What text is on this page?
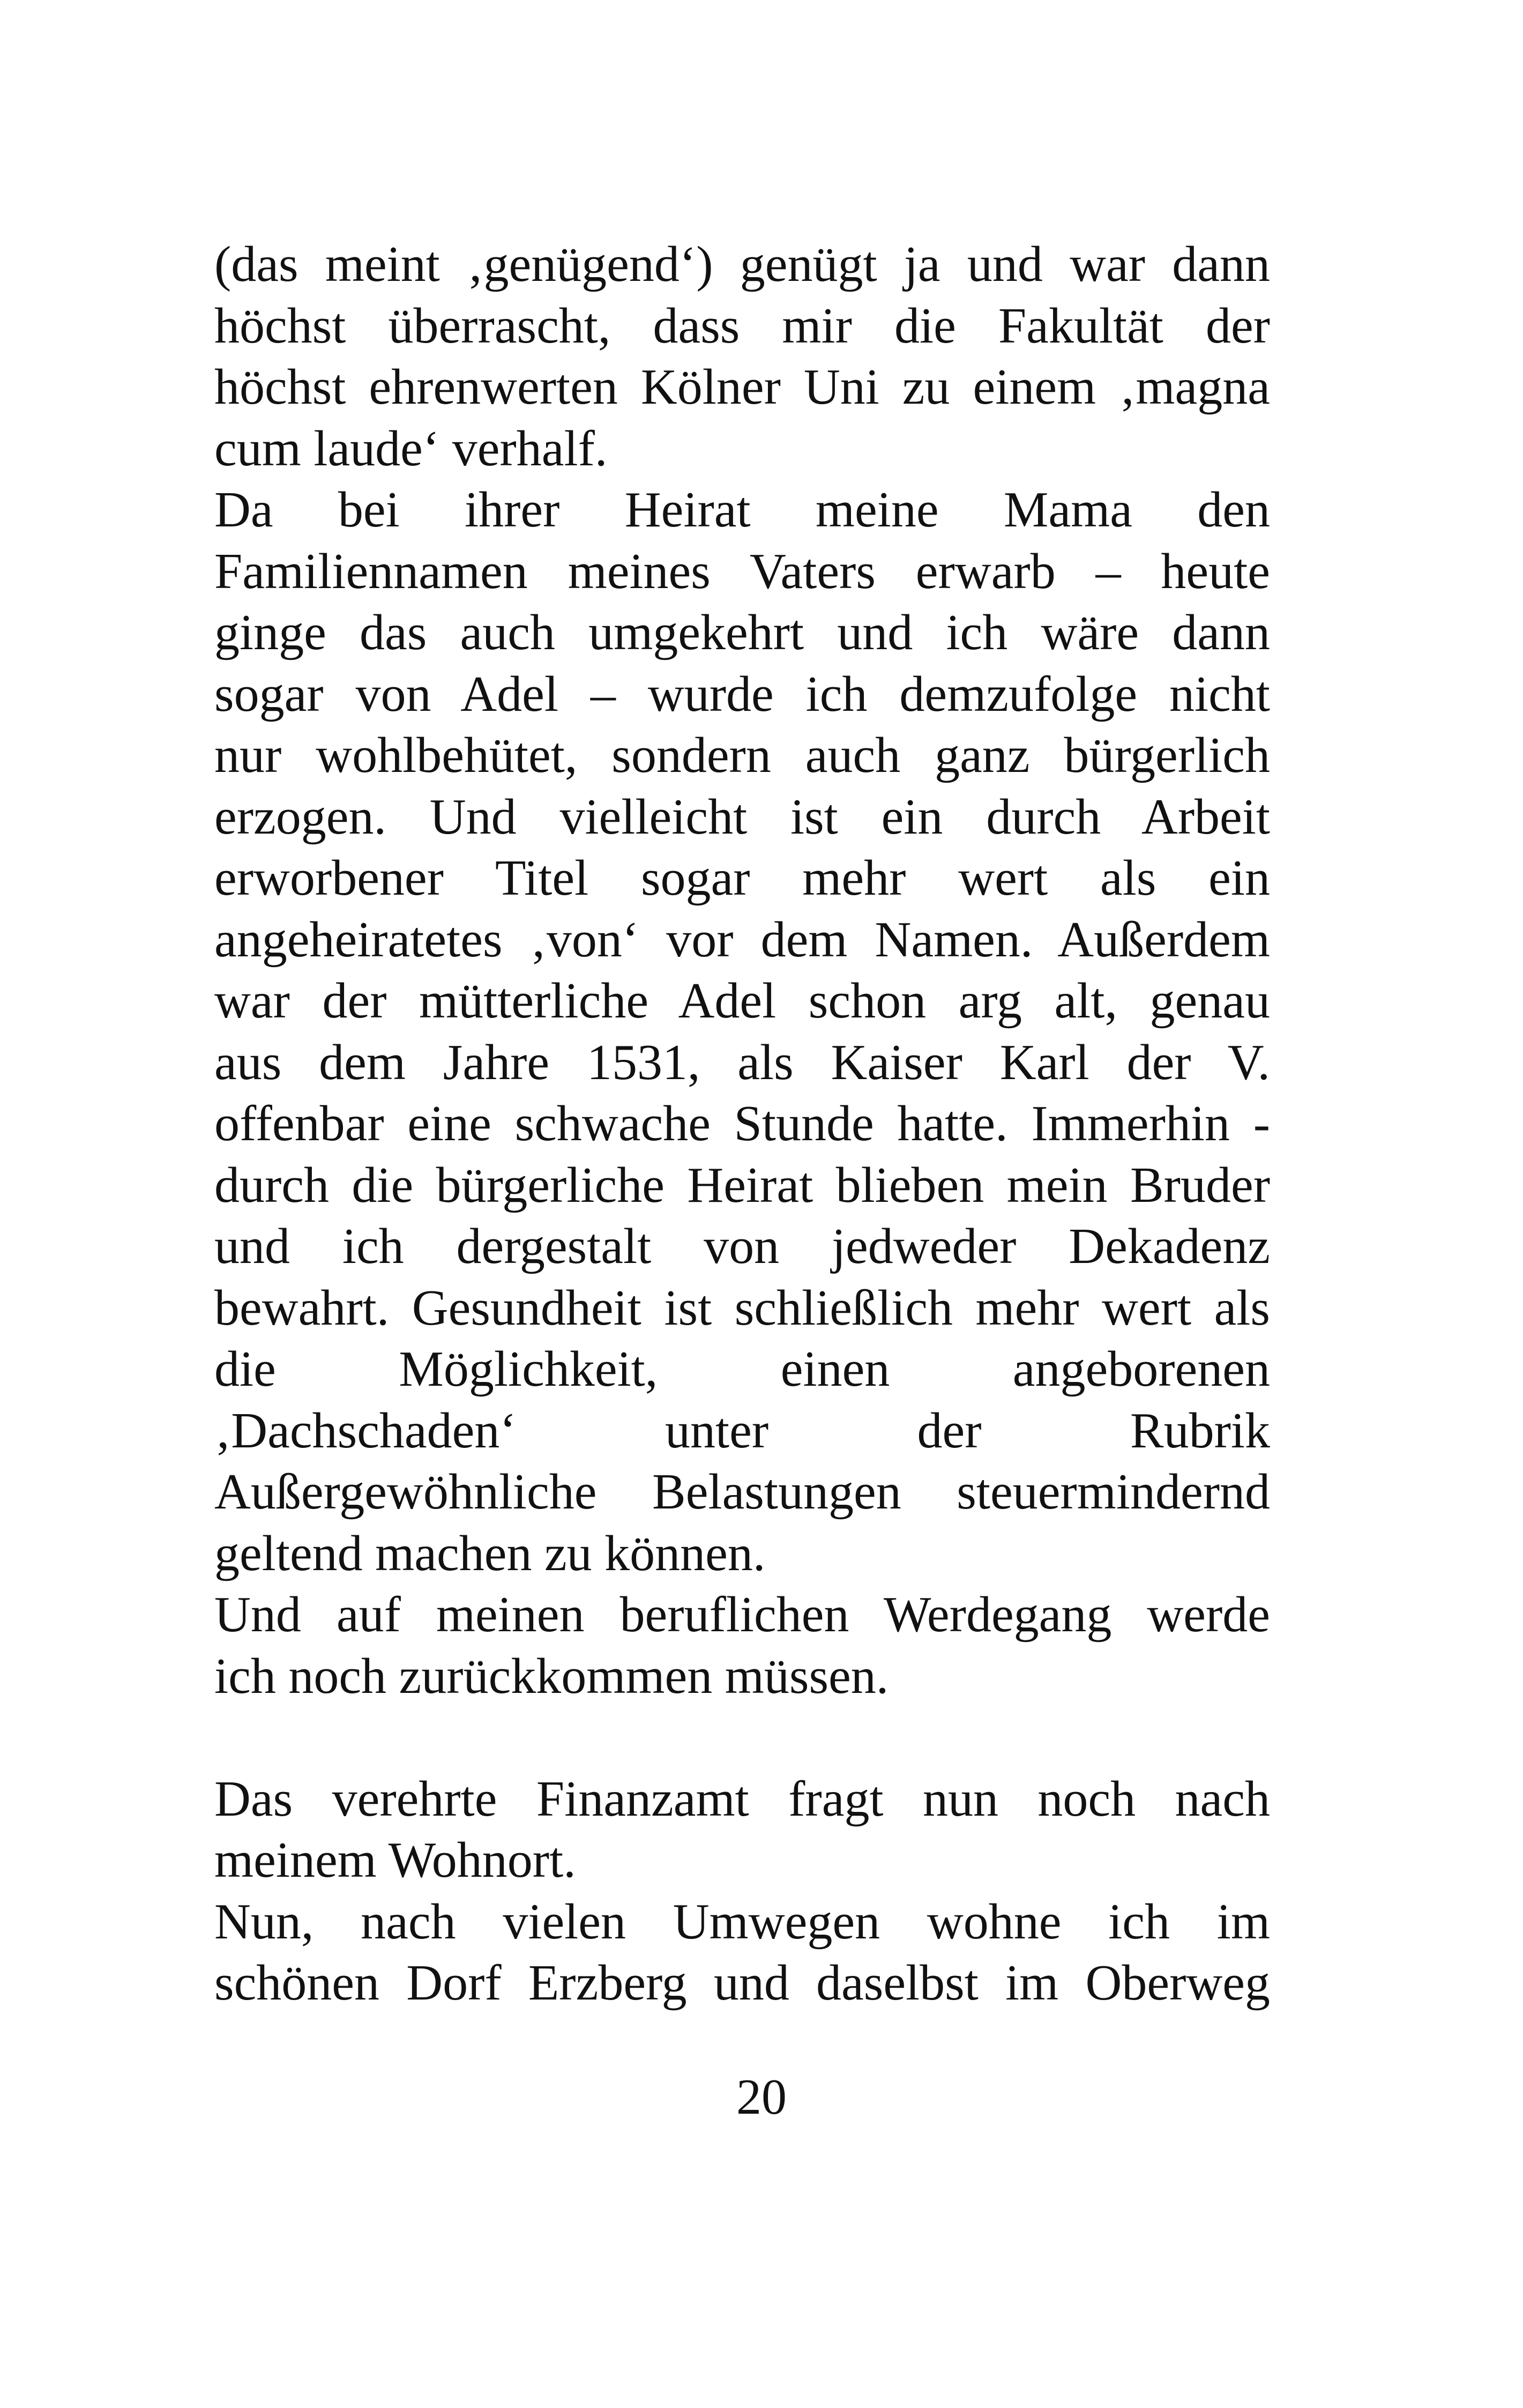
(das meint ‚genügend‘) genügt ja und war dann
höchst überrascht, dass mir die Fakultät der
höchst ehrenwerten Kölner Uni zu einem ‚magna
cum laude‘ verhalf.
Da bei ihrer Heirat meine Mama den
Familiennamen meines Vaters erwarb – heute
ginge das auch umgekehrt und ich wäre dann
sogar von Adel – wurde ich demzufolge nicht
nur wohlbehütet, sondern auch ganz bürgerlich
erzogen. Und vielleicht ist ein durch Arbeit
erworbener Titel sogar mehr wert als ein
angeheiratetes ‚von‘ vor dem Namen. Außerdem
war der mütterliche Adel schon arg alt, genau
aus dem Jahre 1531, als Kaiser Karl der V.
offenbar eine schwache Stunde hatte. Immerhin -
durch die bürgerliche Heirat blieben mein Bruder
und ich dergestalt von jedweder Dekadenz
bewahrt. Gesundheit ist schließlich mehr wert als
die Möglichkeit, einen angeborenen
‚Dachschaden‘ unter der Rubrik
Außergewöhnliche Belastungen steuermindernd
geltend machen zu können.
Und auf meinen beruflichen Werdegang werde
ich noch zurückkommen müssen.
Das verehrte Finanzamt fragt nun noch nach
meinem Wohnort.
Nun, nach vielen Umwegen wohne ich im
schönen Dorf Erzberg und daselbst im Oberweg
20
